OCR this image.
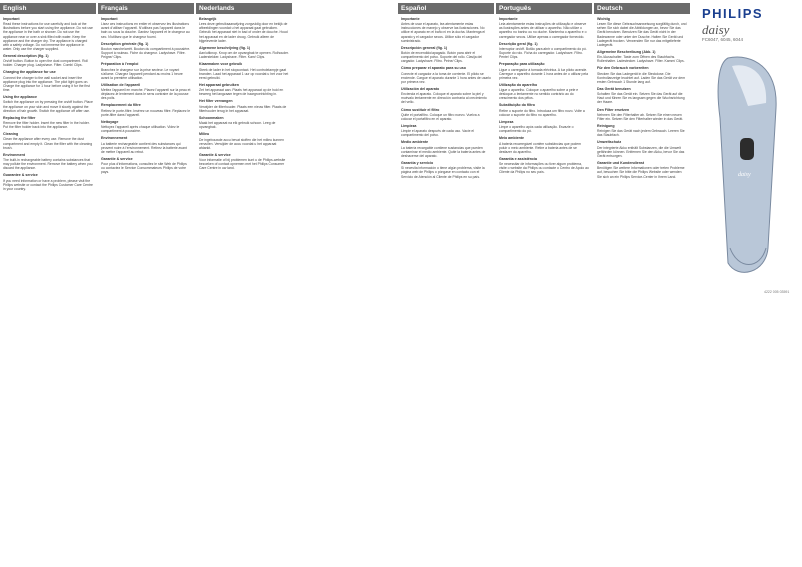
English
Important
Read these instructions for use carefully and look at the illustrations before you start using the appliance. Do not use the appliance in the bath or shower. Do not use the appliance near or over a sink filled with water. Keep the appliance and the charger dry. The appliance is charged with a safety voltage. Do not immerse the appliance in water. Only use the charger supplied.
General description (fig. 1)
On/off button. Button to open the dust compartment. Roll holder. Charger plug. Ladyshave. Filter. Comb/ Clips.
Charging the appliance for use
Connect the charger to the wall socket and insert the appliance plug into the appliance. The pilot light goes on. Charge the appliance for 1 hour before using it for the first time.
Using the appliance
Switch the appliance on by pressing the on/off button. Place the appliance on your skin and move it slowly against the direction of hair growth. Switch the appliance off after use.
Replacing the filter
Remove the filter holder. Insert the new filter in the holder. Put the filter holder back into the appliance.
Cleaning
Clean the appliance after every use. Remove the dust compartment and empty it. Clean the filter with the cleaning brush.
Environment
The built-in rechargeable battery contains substances that may pollute the environment. Remove the battery when you discard the appliance.
Guarantee & service
If you need information or have a problem, please visit the Philips website or contact the Philips Customer Care Centre in your country.
Français
Important
Lisez ces instructions en entier et observez les illustrations avant d'utiliser l'appareil. N'utilisez pas l'appareil dans le bain ou sous la douche. Gardez l'appareil et le chargeur au sec. N'utilisez que le chargeur fourni.
Description générale (fig. 1)
Bouton marche/arrêt. Bouton du compartiment à poussière. Support à rouleau. Fiche du chargeur. Ladyshave. Filtre. Peigne/ Clips.
Préparation à l'emploi
Branchez le chargeur sur la prise secteur. Le voyant s'allume. Chargez l'appareil pendant au moins 1 heure avant la première utilisation.
Utilisation de l'appareil
Mettez l'appareil en marche. Placez l'appareil sur la peau et déplacez-le lentement dans le sens contraire de la pousse des poils.
Remplacement du filtre
Retirez le porte-filtre. Insérez un nouveau filtre. Replacez le porte-filtre dans l'appareil.
Nettoyage
Nettoyez l'appareil après chaque utilisation. Videz le compartiment à poussière.
Environnement
La batterie rechargeable contient des substances qui peuvent nuire à l'environnement. Retirez la batterie avant de mettre l'appareil au rebut.
Garantie & service
Pour plus d'informations, consultez le site Web de Philips ou contactez le Service Consommateurs Philips de votre pays.
Nederlands
Belangrijk
Lees deze gebruiksaanwijzing zorgvuldig door en bekijk de afbeeldingen voordat u het apparaat gaat gebruiken. Gebruik het apparaat niet in bad of onder de douche. Houd het apparaat en de lader droog. Gebruik alleen de bijgeleverde lader.
Algemene beschrijving (fig. 1)
Aan/uitknop. Knop om de opvangbak te openen. Rolhouder. Laderstekker. Ladyshave. Filter. Kam/ Clips.
Klaarmaken voor gebruik
Steek de lader in het stopcontact. Het controlelampje gaat branden. Laad het apparaat 1 uur op voordat u het voor het eerst gebruikt.
Het apparaat gebruiken
Zet het apparaat aan. Plaats het apparaat op de huid en beweeg het langzaam tegen de haargroeirichting in.
Het filter vervangen
Verwijder de filterhouder. Plaats een nieuw filter. Plaats de filterhouder terug in het apparaat.
Schoonmaken
Maak het apparaat na elk gebruik schoon. Leeg de opvangbak.
Milieu
De ingebouwde accu bevat stoffen die het milieu kunnen vervuilen. Verwijder de accu voordat u het apparaat afdankt.
Garantie & service
Voor informatie of bij problemen kunt u de Philips-website bezoeken of contact opnemen met het Philips Consumer Care Centre in uw land.
Español
Importante
Antes de usar el aparato, lea atentamente estas instrucciones de manejo y observe las ilustraciones. No utilice el aparato en el baño ni en la ducha. Mantenga el aparato y el cargador secos. Utilice sólo el cargador suministrado.
Descripción general (fig. 1)
Botón de encendido/apagado. Botón para abrir el compartimento del polvo. Soporte del rollo. Clavija del cargador. Ladyshave. Filtro. Peine/ Clips.
Cómo preparar el aparato para su uso
Conecte el cargador a la toma de corriente. El piloto se enciende. Cargue el aparato durante 1 hora antes de usarlo por primera vez.
Utilización del aparato
Encienda el aparato. Coloque el aparato sobre la piel y muévalo lentamente en dirección contraria al crecimiento del vello.
Cómo sustituir el filtro
Quite el portafiltro. Coloque un filtro nuevo. Vuelva a colocar el portafiltro en el aparato.
Limpieza
Limpie el aparato después de cada uso. Vacíe el compartimento del polvo.
Medio ambiente
La batería recargable contiene sustancias que pueden contaminar el medio ambiente. Quite la batería antes de deshacerse del aparato.
Garantía y servicio
Si necesita información o tiene algún problema, visite la página web de Philips o póngase en contacto con el Servicio de Atención al Cliente de Philips en su país.
Português
Importante
Leia atentamente estas instruções de utilização e observe as ilustrações antes de utilizar o aparelho. Não utilize o aparelho no banho ou no duche. Mantenha o aparelho e o carregador secos. Utilize apenas o carregador fornecido.
Descrição geral (fig. 1)
Interruptor on/off. Botão para abrir o compartimento do pó. Suporte do rolo. Ficha do carregador. Ladyshave. Filtro. Pente/ Clips.
Preparação para utilização
Ligue o carregador à tomada eléctrica. A luz piloto acende. Carregue o aparelho durante 1 hora antes de o utilizar pela primeira vez.
Utilização do aparelho
Ligue o aparelho. Coloque o aparelho sobre a pele e desloque-o lentamente no sentido contrário ao do crescimento dos pêlos.
Substituição do filtro
Retire o suporte do filtro. Introduza um filtro novo. Volte a colocar o suporte do filtro no aparelho.
Limpeza
Limpe o aparelho após cada utilização. Esvazie o compartimento do pó.
Meio ambiente
A bateria recarregável contém substâncias que podem poluir o meio ambiente. Retire a bateria antes de se desfazer do aparelho.
Garantia e assistência
Se necessitar de informações ou tiver algum problema, visite o website da Philips ou contacte o Centro de Apoio ao Cliente da Philips no seu país.
Deutsch
Wichtig
Lesen Sie diese Gebrauchsanweisung sorgfältig durch, und sehen Sie sich dabei die Abbildungen an, bevor Sie das Gerät benutzen. Benutzen Sie das Gerät nicht in der Badewanne oder unter der Dusche. Halten Sie Gerät und Ladegerät trocken. Verwenden Sie nur das mitgelieferte Ladegerät.
Allgemeine Beschreibung (Abb. 1)
Ein-/Ausschalter. Taste zum Öffnen des Staubfachs. Rollenhalter. Ladestecker. Ladyshave. Filter. Kamm/ Clips.
Für den Gebrauch vorbereiten
Stecken Sie das Ladegerät in die Steckdose. Die Kontrollanzeige leuchtet auf. Laden Sie das Gerät vor dem ersten Gebrauch 1 Stunde lang auf.
Das Gerät benutzen
Schalten Sie das Gerät ein. Setzen Sie das Gerät auf die Haut und führen Sie es langsam gegen die Wuchsrichtung der Haare.
Den Filter ersetzen
Nehmen Sie den Filterhalter ab. Setzen Sie einen neuen Filter ein. Setzen Sie den Filterhalter wieder in das Gerät.
Reinigung
Reinigen Sie das Gerät nach jedem Gebrauch. Leeren Sie das Staubfach.
Umweltschutz
Der integrierte Akku enthält Substanzen, die die Umwelt gefährden können. Entfernen Sie den Akku, bevor Sie das Gerät entsorgen.
Garantie und Kundendienst
Benötigen Sie weitere Informationen oder treten Probleme auf, besuchen Sie bitte die Philips Website oder wenden Sie sich an ein Philips Service-Center in Ihrem Land.
PHILIPS
daisy
FC6047, 6045, 6044
daisy
4222 005 03591
